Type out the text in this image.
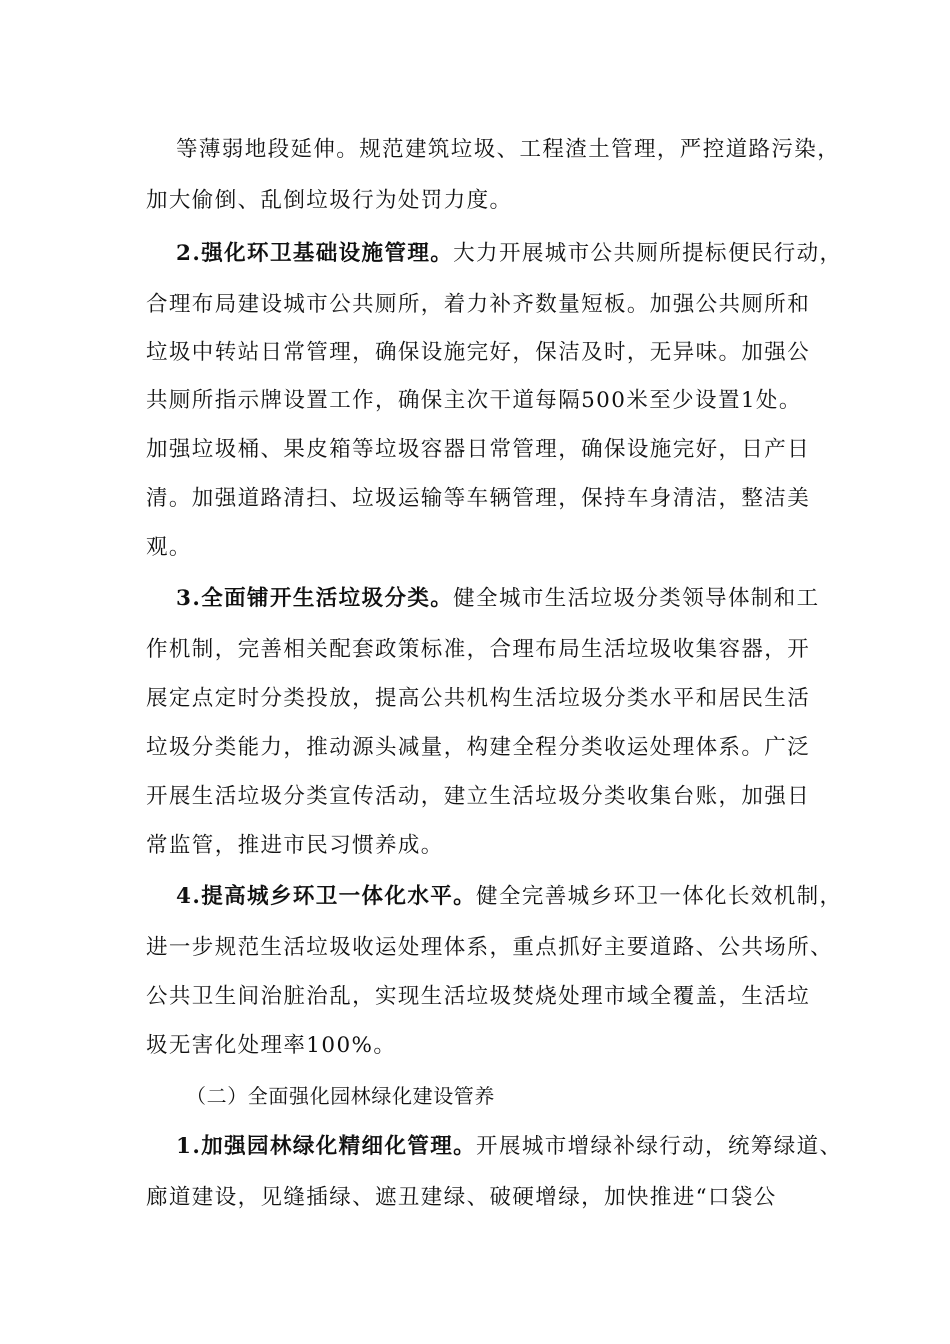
等薄弱地段延伸。规范建筑垃圾、工程渣土管理，严控道路污染，
加大偷倒、乱倒垃圾行为处罚力度。
2.强化环卫基础设施管理。大力开展城市公共厕所提标便民行动，
合理布局建设城市公共厕所，着力补齐数量短板。加强公共厕所和
垃圾中转站日常管理，确保设施完好，保洁及时，无异味。加强公
共厕所指示牌设置工作，确保主次干道每隔500米至少设置1处。
加强垃圾桶、果皮箱等垃圾容器日常管理，确保设施完好，日产日
清。加强道路清扫、垃圾运输等车辆管理，保持车身清洁，整洁美
观。
3.全面铺开生活垃圾分类。健全城市生活垃圾分类领导体制和工
作机制，完善相关配套政策标准，合理布局生活垃圾收集容器，开
展定点定时分类投放，提高公共机构生活垃圾分类水平和居民生活
垃圾分类能力，推动源头减量，构建全程分类收运处理体系。广泛
开展生活垃圾分类宣传活动，建立生活垃圾分类收集台账，加强日
常监管，推进市民习惯养成。
4.提高城乡环卫一体化水平。健全完善城乡环卫一体化长效机制，
进一步规范生活垃圾收运处理体系，重点抓好主要道路、公共场所、
公共卫生间治脏治乱，实现生活垃圾焚烧处理市域全覆盖，生活垃
圾无害化处理率100%。
（二）全面强化园林绿化建设管养
1.加强园林绿化精细化管理。开展城市增绿补绿行动，统筹绿道、
廊道建设，见缝插绿、遮丑建绿、破硬增绿，加快推进“口袋公
